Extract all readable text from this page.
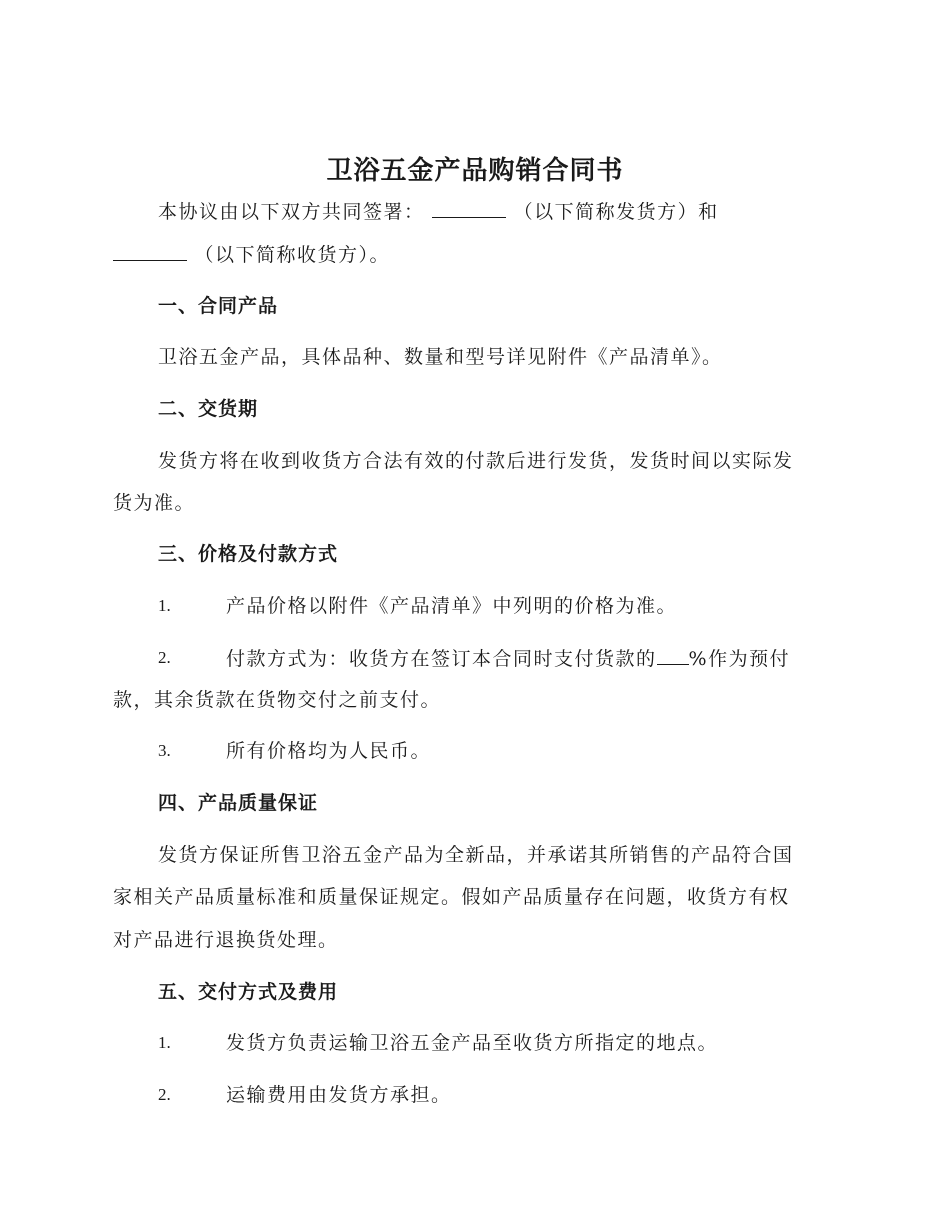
卫浴五金产品购销合同书
本协议由以下双方共同签署：	（以下简称发货方）和
（以下简称收货方）。
一、合同产品
卫浴五金产品，具体品种、数量和型号详见附件《产品清单》。
二、交货期
发货方将在收到收货方合法有效的付款后进行发货，发货时间以实际发
货为准。
三、价格及付款方式
1.	产品价格以附件《产品清单》中列明的价格为准。
2.	付款方式为：收货方在签订本合同时支付货款的 %作为预付
款，其余货款在货物交付之前支付。
3.	所有价格均为人民币。
四、产品质量保证
发货方保证所售卫浴五金产品为全新品，并承诺其所销售的产品符合国
家相关产品质量标准和质量保证规定。假如产品质量存在问题，收货方有权
对产品进行退换货处理。
五、交付方式及费用
1.	发货方负责运输卫浴五金产品至收货方所指定的地点。
2.	运输费用由发货方承担。
